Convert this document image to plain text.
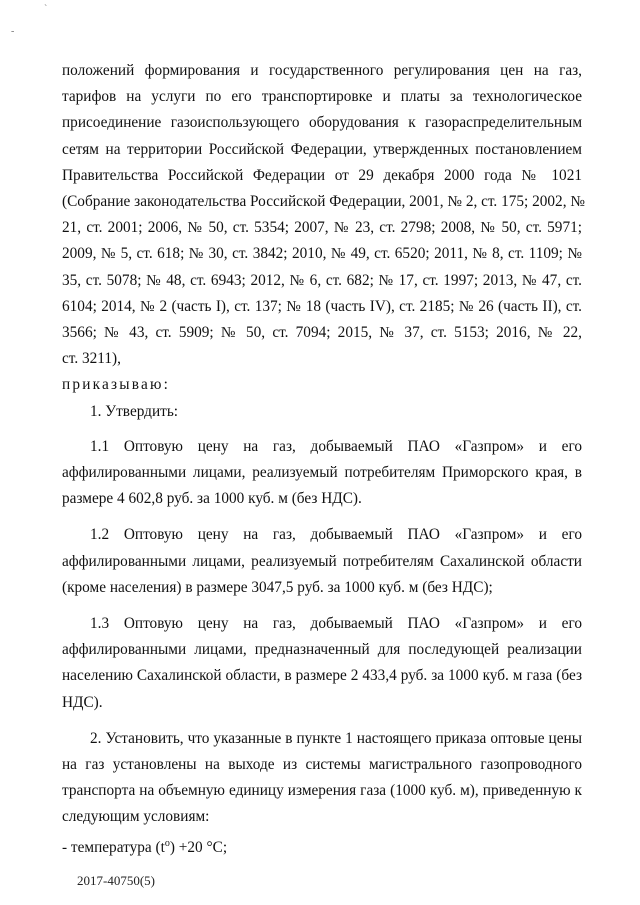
`
-
положений формирования и государственного регулирования цен на газ,
тарифов на услуги по его транспортировке и платы за технологическое
присоединение газоиспользующего оборудования к газораспределительным
сетям на территории Российской Федерации, утвержденных постановлением
Правительства Российской Федерации от 29 декабря 2000 года № 1021
(Собрание законодательства Российской Федерации, 2001, № 2, ст. 175; 2002, №
21, ст. 2001; 2006, № 50, ст. 5354; 2007, № 23, ст. 2798; 2008, № 50, ст. 5971;
2009, № 5, ст. 618; № 30, ст. 3842; 2010, № 49, ст. 6520; 2011, № 8, ст. 1109; №
35, ст. 5078; № 48, ст. 6943; 2012, № 6, ст. 682; № 17, ст. 1997; 2013, № 47, ст.
6104; 2014, № 2 (часть I), ст. 137; № 18 (часть IV), ст. 2185; № 26 (часть II), ст.
3566; № 43, ст. 5909; № 50, ст. 7094; 2015, № 37, ст. 5153; 2016, № 22,
ст. 3211),
приказываю:
1. Утвердить:
1.1 Оптовую цену на газ, добываемый ПАО «Газпром» и его
аффилированными лицами, реализуемый потребителям Приморского края, в
размере 4 602,8 руб. за 1000 куб. м (без НДС).
1.2 Оптовую цену на газ, добываемый ПАО «Газпром» и его
аффилированными лицами, реализуемый потребителям Сахалинской области
(кроме населения) в размере 3047,5 руб. за 1000 куб. м (без НДС);
1.3 Оптовую цену на газ, добываемый ПАО «Газпром» и его
аффилированными лицами, предназначенный для последующей реализации
населению Сахалинской области, в размере 2 433,4 руб. за 1000 куб. м газа (без
НДС).
2. Установить, что указанные в пункте 1 настоящего приказа оптовые цены
на газ установлены на выходе из системы магистрального газопроводного
транспорта на объемную единицу измерения газа (1000 куб. м), приведенную к
следующим условиям:
- температура $(t^o) +20$ °С;
2017-40750(5)
